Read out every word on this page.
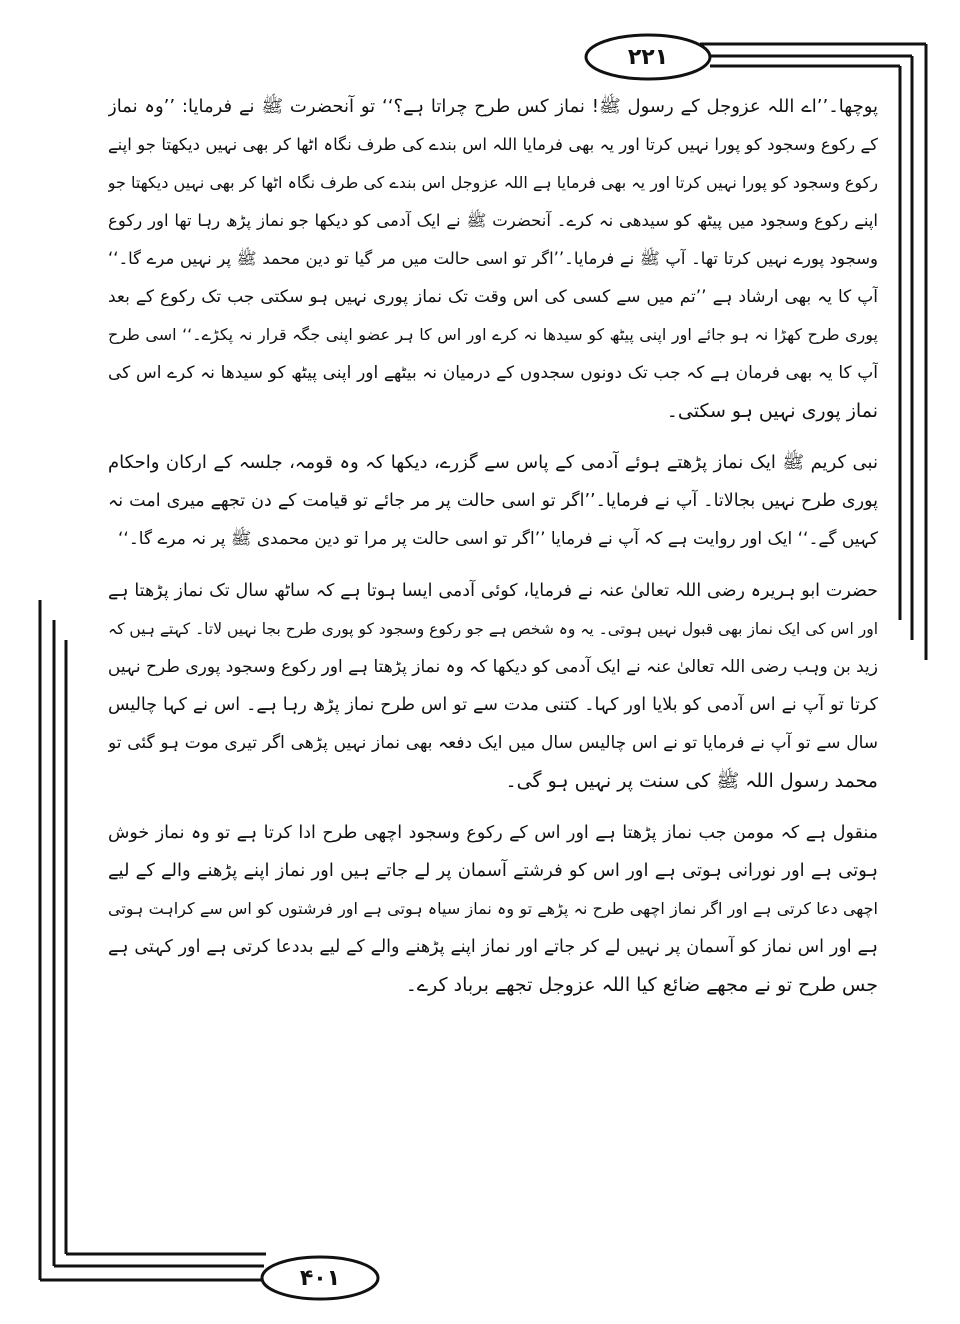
۲۲۱
۴۰۱
پوچھا۔’’اے اللہ عزوجل کے رسول ﷺ! نماز کس طرح چراتا ہے؟‘‘ تو آنحضرت ﷺ نے فرمایا: ’’وہ نماز
کے رکوع وسجود کو پورا نہیں کرتا اور یہ بھی فرمایا اللہ اس بندے کی طرف نگاہ اٹھا کر بھی نہیں دیکھتا جو اپنے
رکوع وسجود کو پورا نہیں کرتا اور یہ بھی فرمایا ہے اللہ عزوجل اس بندے کی طرف نگاہ اٹھا کر بھی نہیں دیکھتا جو
اپنے رکوع وسجود میں پیٹھ کو سیدھی نہ کرے۔ آنحضرت ﷺ نے ایک آدمی کو دیکھا جو نماز پڑھ رہا تھا اور رکوع
وسجود پورے نہیں کرتا تھا۔ آپ ﷺ نے فرمایا۔’’اگر تو اسی حالت میں مر گیا تو دین محمد ﷺ پر نہیں مرے گا۔‘‘
آپ کا یہ بھی ارشاد ہے ’’تم میں سے کسی کی اس وقت تک نماز پوری نہیں ہو سکتی جب تک رکوع کے بعد
پوری طرح کھڑا نہ ہو جائے اور اپنی پیٹھ کو سیدھا نہ کرے اور اس کا ہر عضو اپنی جگہ قرار نہ پکڑے۔‘‘ اسی طرح
آپ کا یہ بھی فرمان ہے کہ جب تک دونوں سجدوں کے درمیان نہ بیٹھے اور اپنی پیٹھ کو سیدھا نہ کرے اس کی
نماز پوری نہیں ہو سکتی۔
نبی کریم ﷺ ایک نماز پڑھتے ہوئے آدمی کے پاس سے گزرے، دیکھا کہ وہ قومہ، جلسہ کے ارکان واحکام
پوری طرح نہیں بجالاتا۔ آپ نے فرمایا۔’’اگر تو اسی حالت پر مر جائے تو قیامت کے دن تجھے میری امت نہ
کہیں گے۔‘‘ ایک اور روایت ہے کہ آپ نے فرمایا ’’اگر تو اسی حالت پر مرا تو دین محمدی ﷺ پر نہ مرے گا۔‘‘
حضرت ابو ہریرہ رضی اللہ تعالیٰ عنہ نے فرمایا، کوئی آدمی ایسا ہوتا ہے کہ ساٹھ سال تک نماز پڑھتا ہے
اور اس کی ایک نماز بھی قبول نہیں ہوتی۔ یہ وہ شخص ہے جو رکوع وسجود کو پوری طرح بجا نہیں لاتا۔ کہتے ہیں کہ
زید بن وہب رضی اللہ تعالیٰ عنہ نے ایک آدمی کو دیکھا کہ وہ نماز پڑھتا ہے اور رکوع وسجود پوری طرح نہیں
کرتا تو آپ نے اس آدمی کو بلایا اور کہا۔ کتنی مدت سے تو اس طرح نماز پڑھ رہا ہے۔ اس نے کہا چالیس
سال سے تو آپ نے فرمایا تو نے اس چالیس سال میں ایک دفعہ بھی نماز نہیں پڑھی اگر تیری موت ہو گئی تو
محمد رسول اللہ ﷺ کی سنت پر نہیں ہو گی۔
منقول ہے کہ مومن جب نماز پڑھتا ہے اور اس کے رکوع وسجود اچھی طرح ادا کرتا ہے تو وہ نماز خوش
ہوتی ہے اور نورانی ہوتی ہے اور اس کو فرشتے آسمان پر لے جاتے ہیں اور نماز اپنے پڑھنے والے کے لیے
اچھی دعا کرتی ہے اور اگر نماز اچھی طرح نہ پڑھے تو وہ نماز سیاہ ہوتی ہے اور فرشتوں کو اس سے کراہت ہوتی
ہے اور اس نماز کو آسمان پر نہیں لے کر جاتے اور نماز اپنے پڑھنے والے کے لیے بددعا کرتی ہے اور کہتی ہے
جس طرح تو نے مجھے ضائع کیا اللہ عزوجل تجھے برباد کرے۔
